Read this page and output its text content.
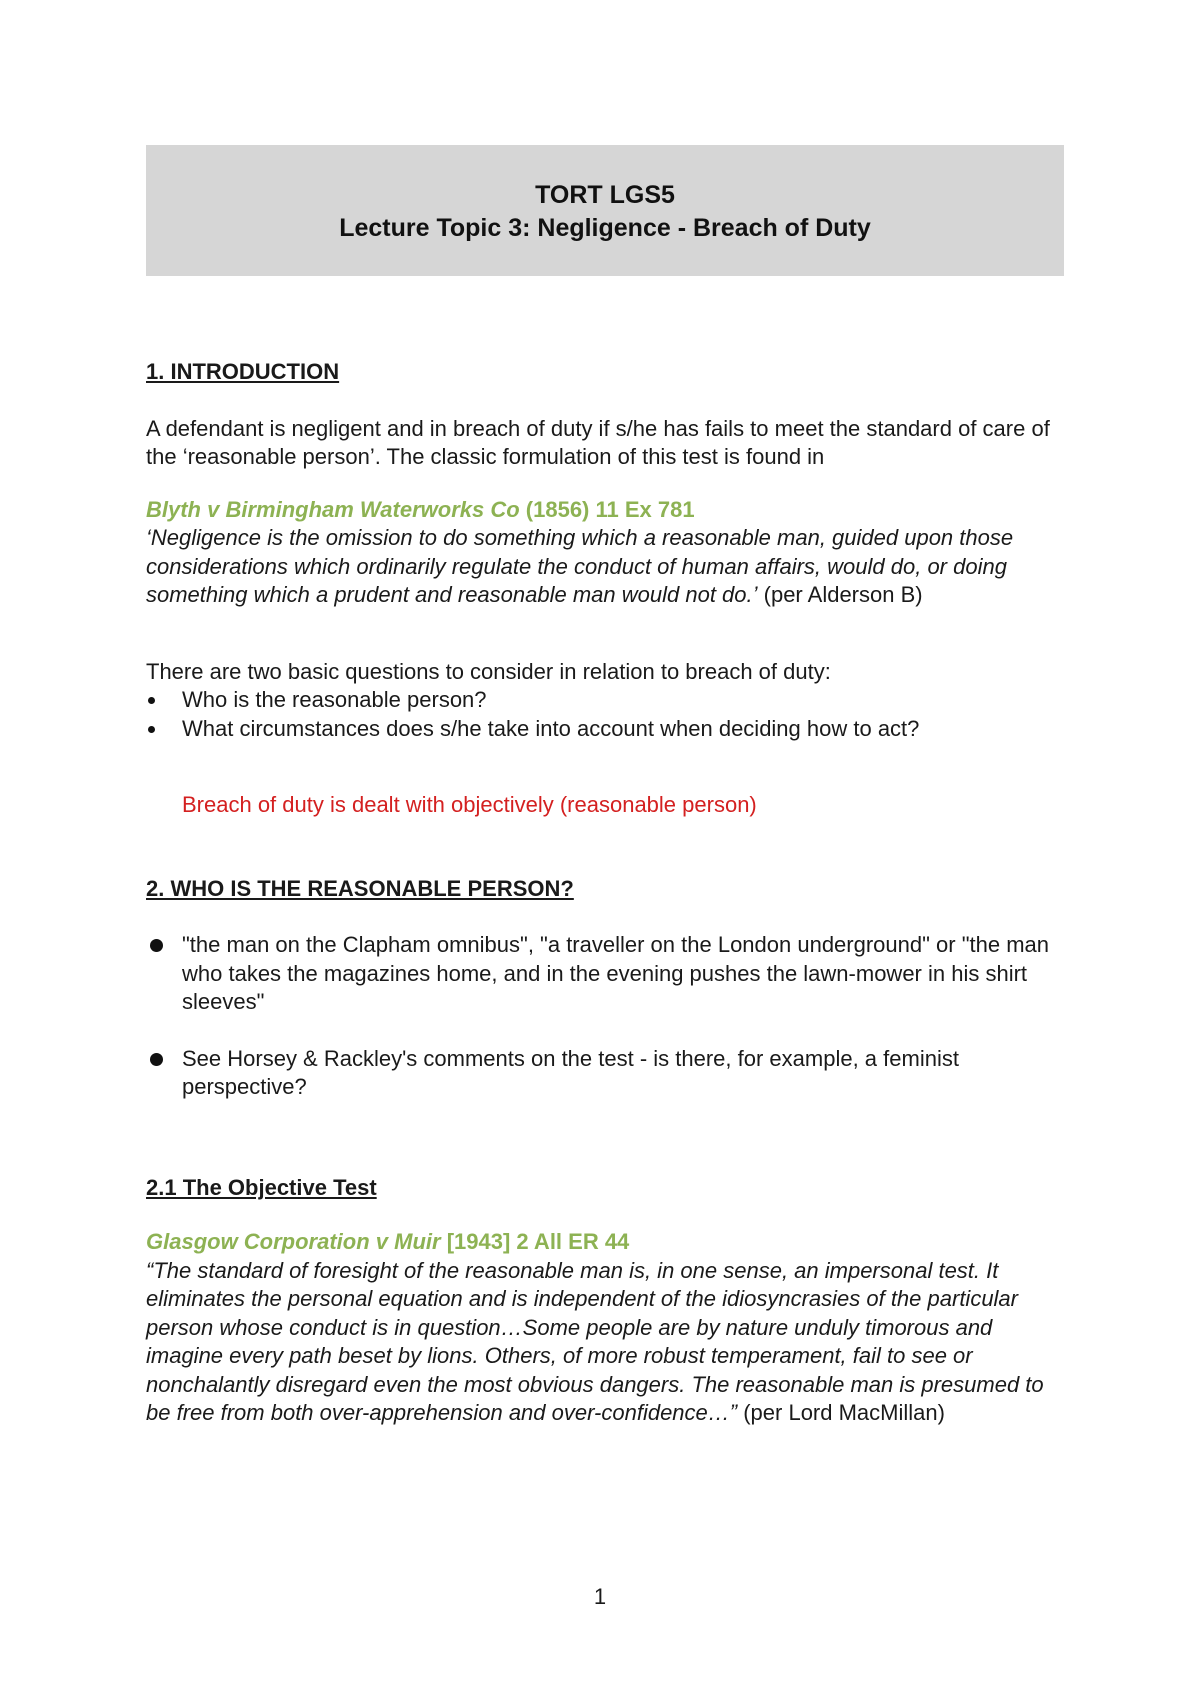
TORT LGS5
Lecture Topic 3: Negligence - Breach of Duty

1. INTRODUCTION

A defendant is negligent and in breach of duty if s/he has fails to meet the standard of care of the ‘reasonable person’. The classic formulation of this test is found in

Blyth v Birmingham Waterworks Co (1856) 11 Ex 781

‘Negligence is the omission to do something which a reasonable man, guided upon those considerations which ordinarily regulate the conduct of human affairs, would do, or doing something which a prudent and reasonable man would not do.’ (per Alderson B)

There are two basic questions to consider in relation to breach of duty:

Who is the reasonable person?
What circumstances does s/he take into account when deciding how to act?

Breach of duty is dealt with objectively (reasonable person)

2. WHO IS THE REASONABLE PERSON?

"the man on the Clapham omnibus", "a traveller on the London underground" or "the man who takes the magazines home, and in the evening pushes the lawn-mower in his shirt sleeves"
See Horsey & Rackley's comments on the test - is there, for example, a feminist perspective?

2.1 The Objective Test

Glasgow Corporation v Muir [1943] 2 All ER 44

“The standard of foresight of the reasonable man is, in one sense, an impersonal test. It eliminates the personal equation and is independent of the idiosyncrasies of the particular person whose conduct is in question…Some people are by nature unduly timorous and imagine every path beset by lions. Others, of more robust temperament, fail to see or nonchalantly disregard even the most obvious dangers. The reasonable man is presumed to be free from both over-apprehension and over-confidence…” (per Lord MacMillan)

1
